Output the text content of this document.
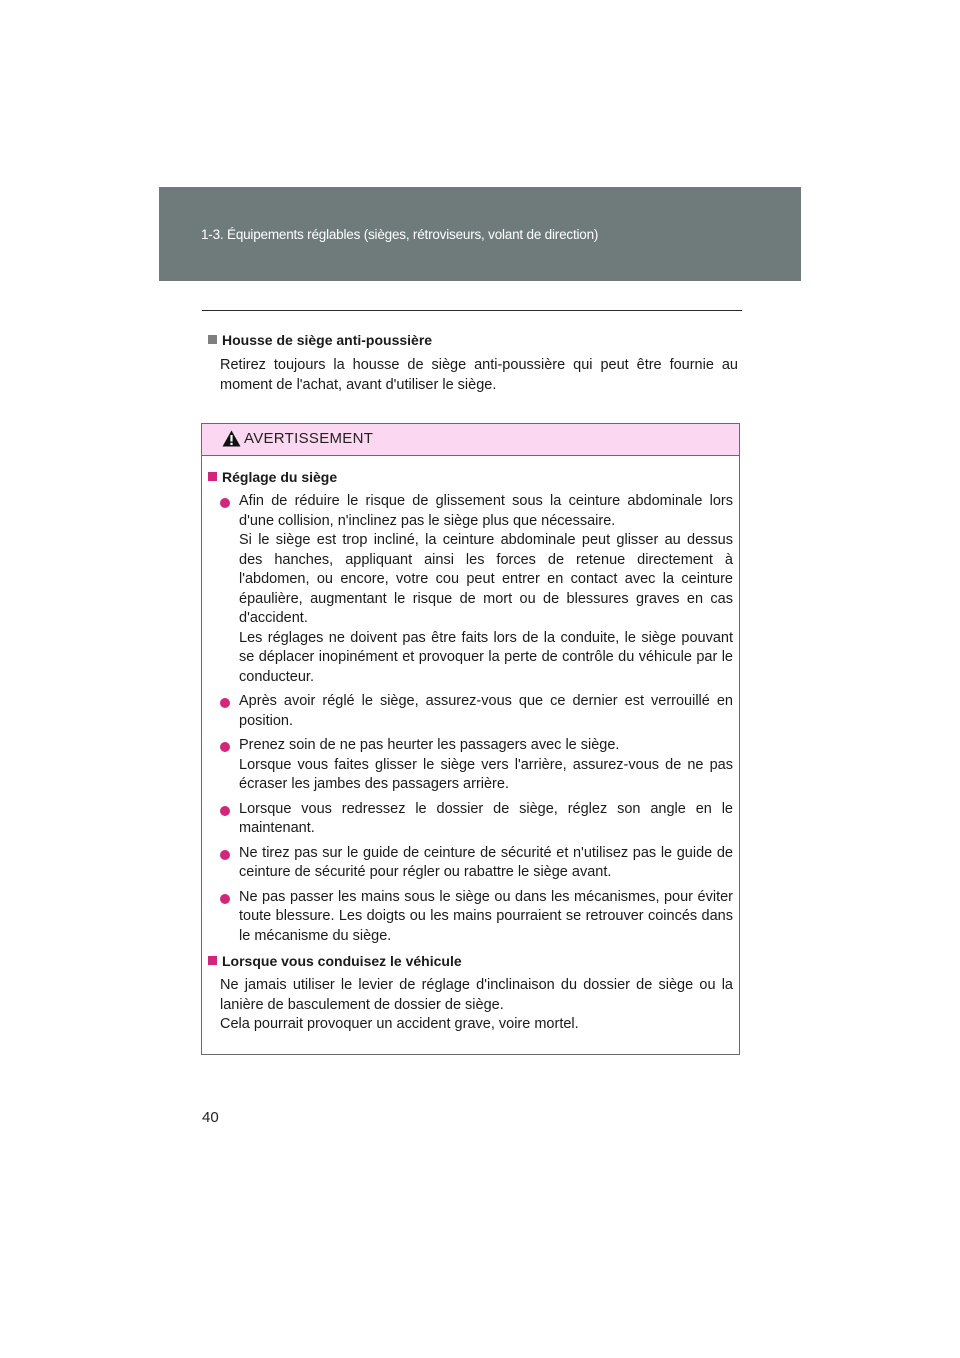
1-3. Équipements réglables (sièges, rétroviseurs, volant de direction)
Housse de siège anti-poussière
Retirez toujours la housse de siège anti-poussière qui peut être fournie au moment de l'achat, avant d'utiliser le siège.
AVERTISSEMENT
Réglage du siège

Afin de réduire le risque de glissement sous la ceinture abdominale lors d'une collision, n'inclinez pas le siège plus que nécessaire.

Si le siège est trop incliné, la ceinture abdominale peut glisser au dessus des hanches, appliquant ainsi les forces de retenue directement à l'abdomen, ou encore, votre cou peut entrer en contact avec la ceinture épaulière, augmentant le risque de mort ou de blessures graves en cas d'accident.

Les réglages ne doivent pas être faits lors de la conduite, le siège pouvant se déplacer inopinément et provoquer la perte de contrôle du véhicule par le conducteur.

Après avoir réglé le siège, assurez-vous que ce dernier est verrouillé en position.

Prenez soin de ne pas heurter les passagers avec le siège.

Lorsque vous faites glisser le siège vers l'arrière, assurez-vous de ne pas écraser les jambes des passagers arrière.

Lorsque vous redressez le dossier de siège, réglez son angle en le maintenant.

Ne tirez pas sur le guide de ceinture de sécurité et n'utilisez pas le guide de ceinture de sécurité pour régler ou rabattre le siège avant.

Ne pas passer les mains sous le siège ou dans les mécanismes, pour éviter toute blessure. Les doigts ou les mains pourraient se retrouver coincés dans le mécanisme du siège.

Lorsque vous conduisez le véhicule

Ne jamais utiliser le levier de réglage d'inclinaison du dossier de siège ou la lanière de basculement de dossier de siège.

Cela pourrait provoquer un accident grave, voire mortel.

40
